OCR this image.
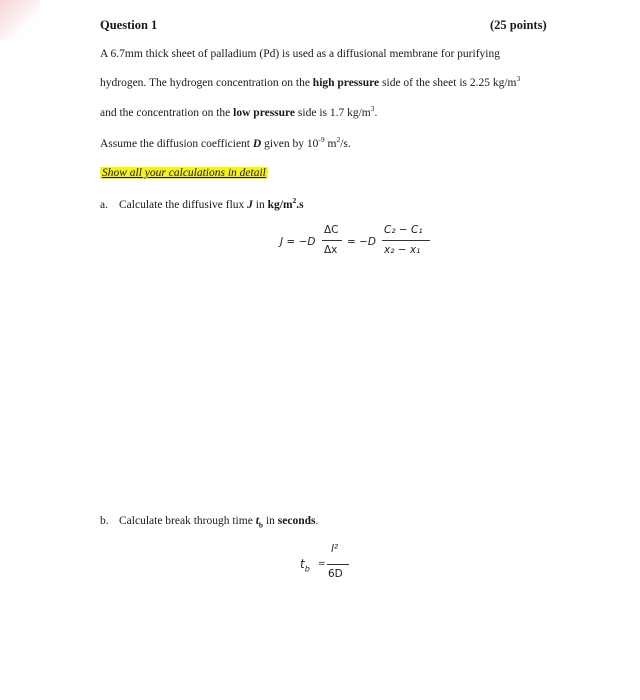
Question 1	(25 points)
A 6.7mm thick sheet of palladium (Pd) is used as a diffusional membrane for purifying
hydrogen. The hydrogen concentration on the high pressure side of the sheet is 2.25 $kg/m^3$
and the concentration on the low pressure side is 1.7 $kg/m^3$.
Assume the diffusion coefficient D given by $10^{-9}$ $m^2/s$.
Show all your calculations in detail
a. Calculate the diffusive flux J in $kg/m^2.s$
J = −D
ΔC
Δx
= −D
C₂ − C₁
x₂ − x₁
b. Calculate break through time $t_b$ in seconds.
$t_b$ =
l²
6D
